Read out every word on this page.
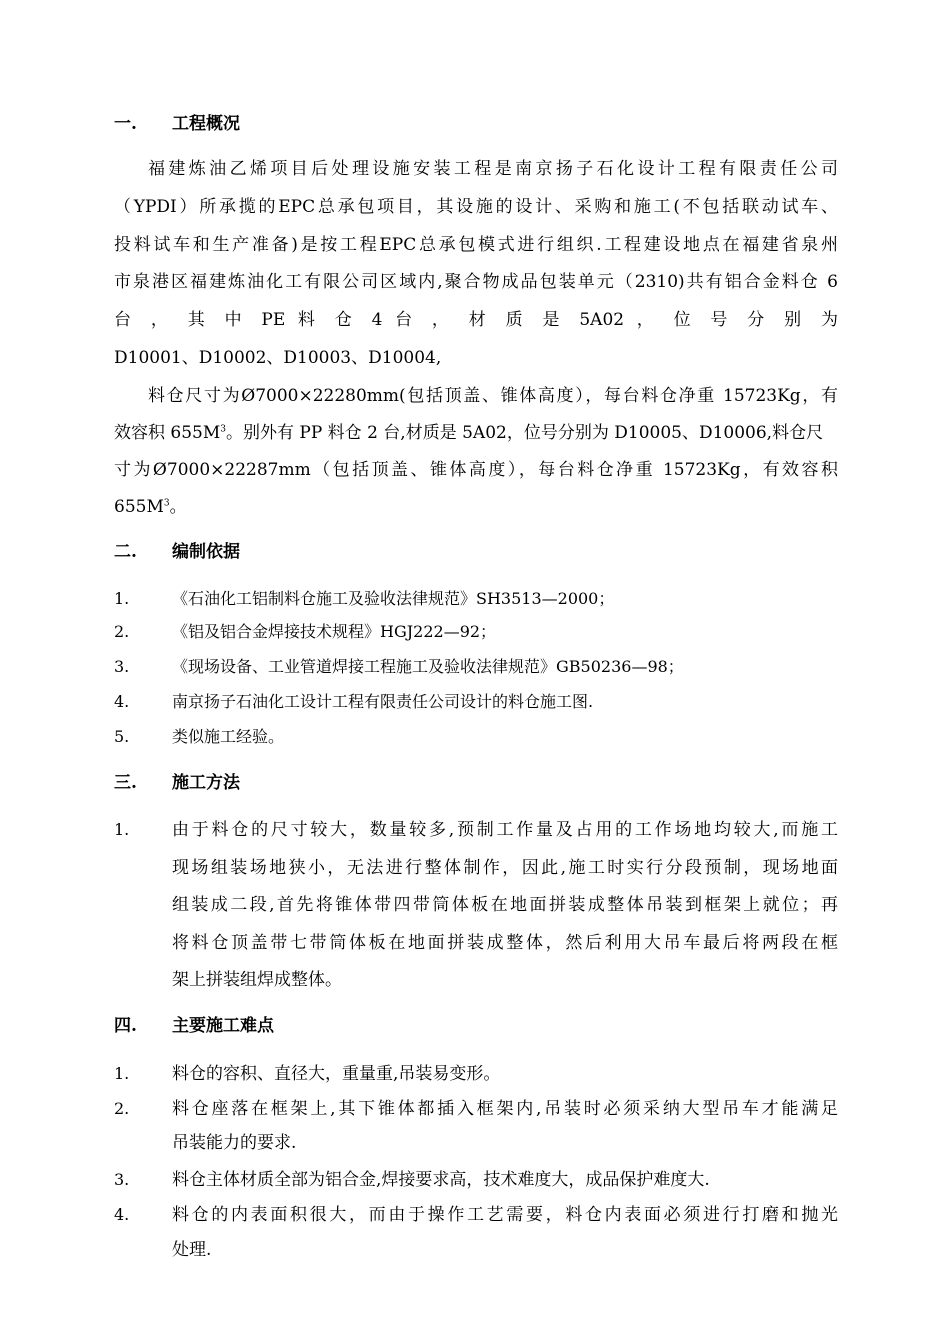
一. 工程概况
福建炼油乙烯项目后处理设施安装工程是南京扬子石化设计工程有限责任公司
（YPDI）所承揽的EPC总承包项目，其设施的设计、采购和施工(不包括联动试车、
投料试车和生产准备)是按工程EPC总承包模式进行组织.工程建设地点在福建省泉州
市泉港区福建炼油化工有限公司区域内,聚合物成品包装单元（2310)共有铝合金料仓 6
台 ， 其 中 PE 料 仓 4 台 ， 材 质 是 5A02 ， 位 号 分 别 为
D10001、D10002、D10003、D10004,
料仓尺寸为Ø7000×22280mm(包括顶盖、锥体高度），每台料仓净重 15723Kg，有
效容积 $655M^3$。别外有 PP 料仓 2 台,材质是 5A02，位号分别为 D10005、D10006,料仓尺
寸为Ø7000×22287mm（包括顶盖、锥体高度），每台料仓净重 15723Kg，有效容积
$655M^3$。
二. 编制依据
1.	《石油化工铝制料仓施工及验收法律规范》SH3513—2000；
2.	《铝及铝合金焊接技术规程》HGJ222—92；
3.	《现场设备、工业管道焊接工程施工及验收法律规范》GB50236—98；
4.	南京扬子石油化工设计工程有限责任公司设计的料仓施工图.
5.	类似施工经验。
三. 施工方法
1.	由于料仓的尺寸较大，数量较多,预制工作量及占用的工作场地均较大,而施工
现场组装场地狭小，无法进行整体制作，因此,施工时实行分段预制，现场地面
组装成二段,首先将锥体带四带筒体板在地面拼装成整体吊装到框架上就位；再
将料仓顶盖带七带筒体板在地面拼装成整体，然后利用大吊车最后将两段在框
架上拼装组焊成整体。
四. 主要施工难点
1.	料仓的容积、直径大，重量重,吊装易变形。
2.	料仓座落在框架上,其下锥体都插入框架内,吊装时必须采纳大型吊车才能满足
吊装能力的要求.
3.	料仓主体材质全部为铝合金,焊接要求高，技术难度大，成品保护难度大.
4.	料仓的内表面积很大，而由于操作工艺需要，料仓内表面必须进行打磨和抛光
处理.
